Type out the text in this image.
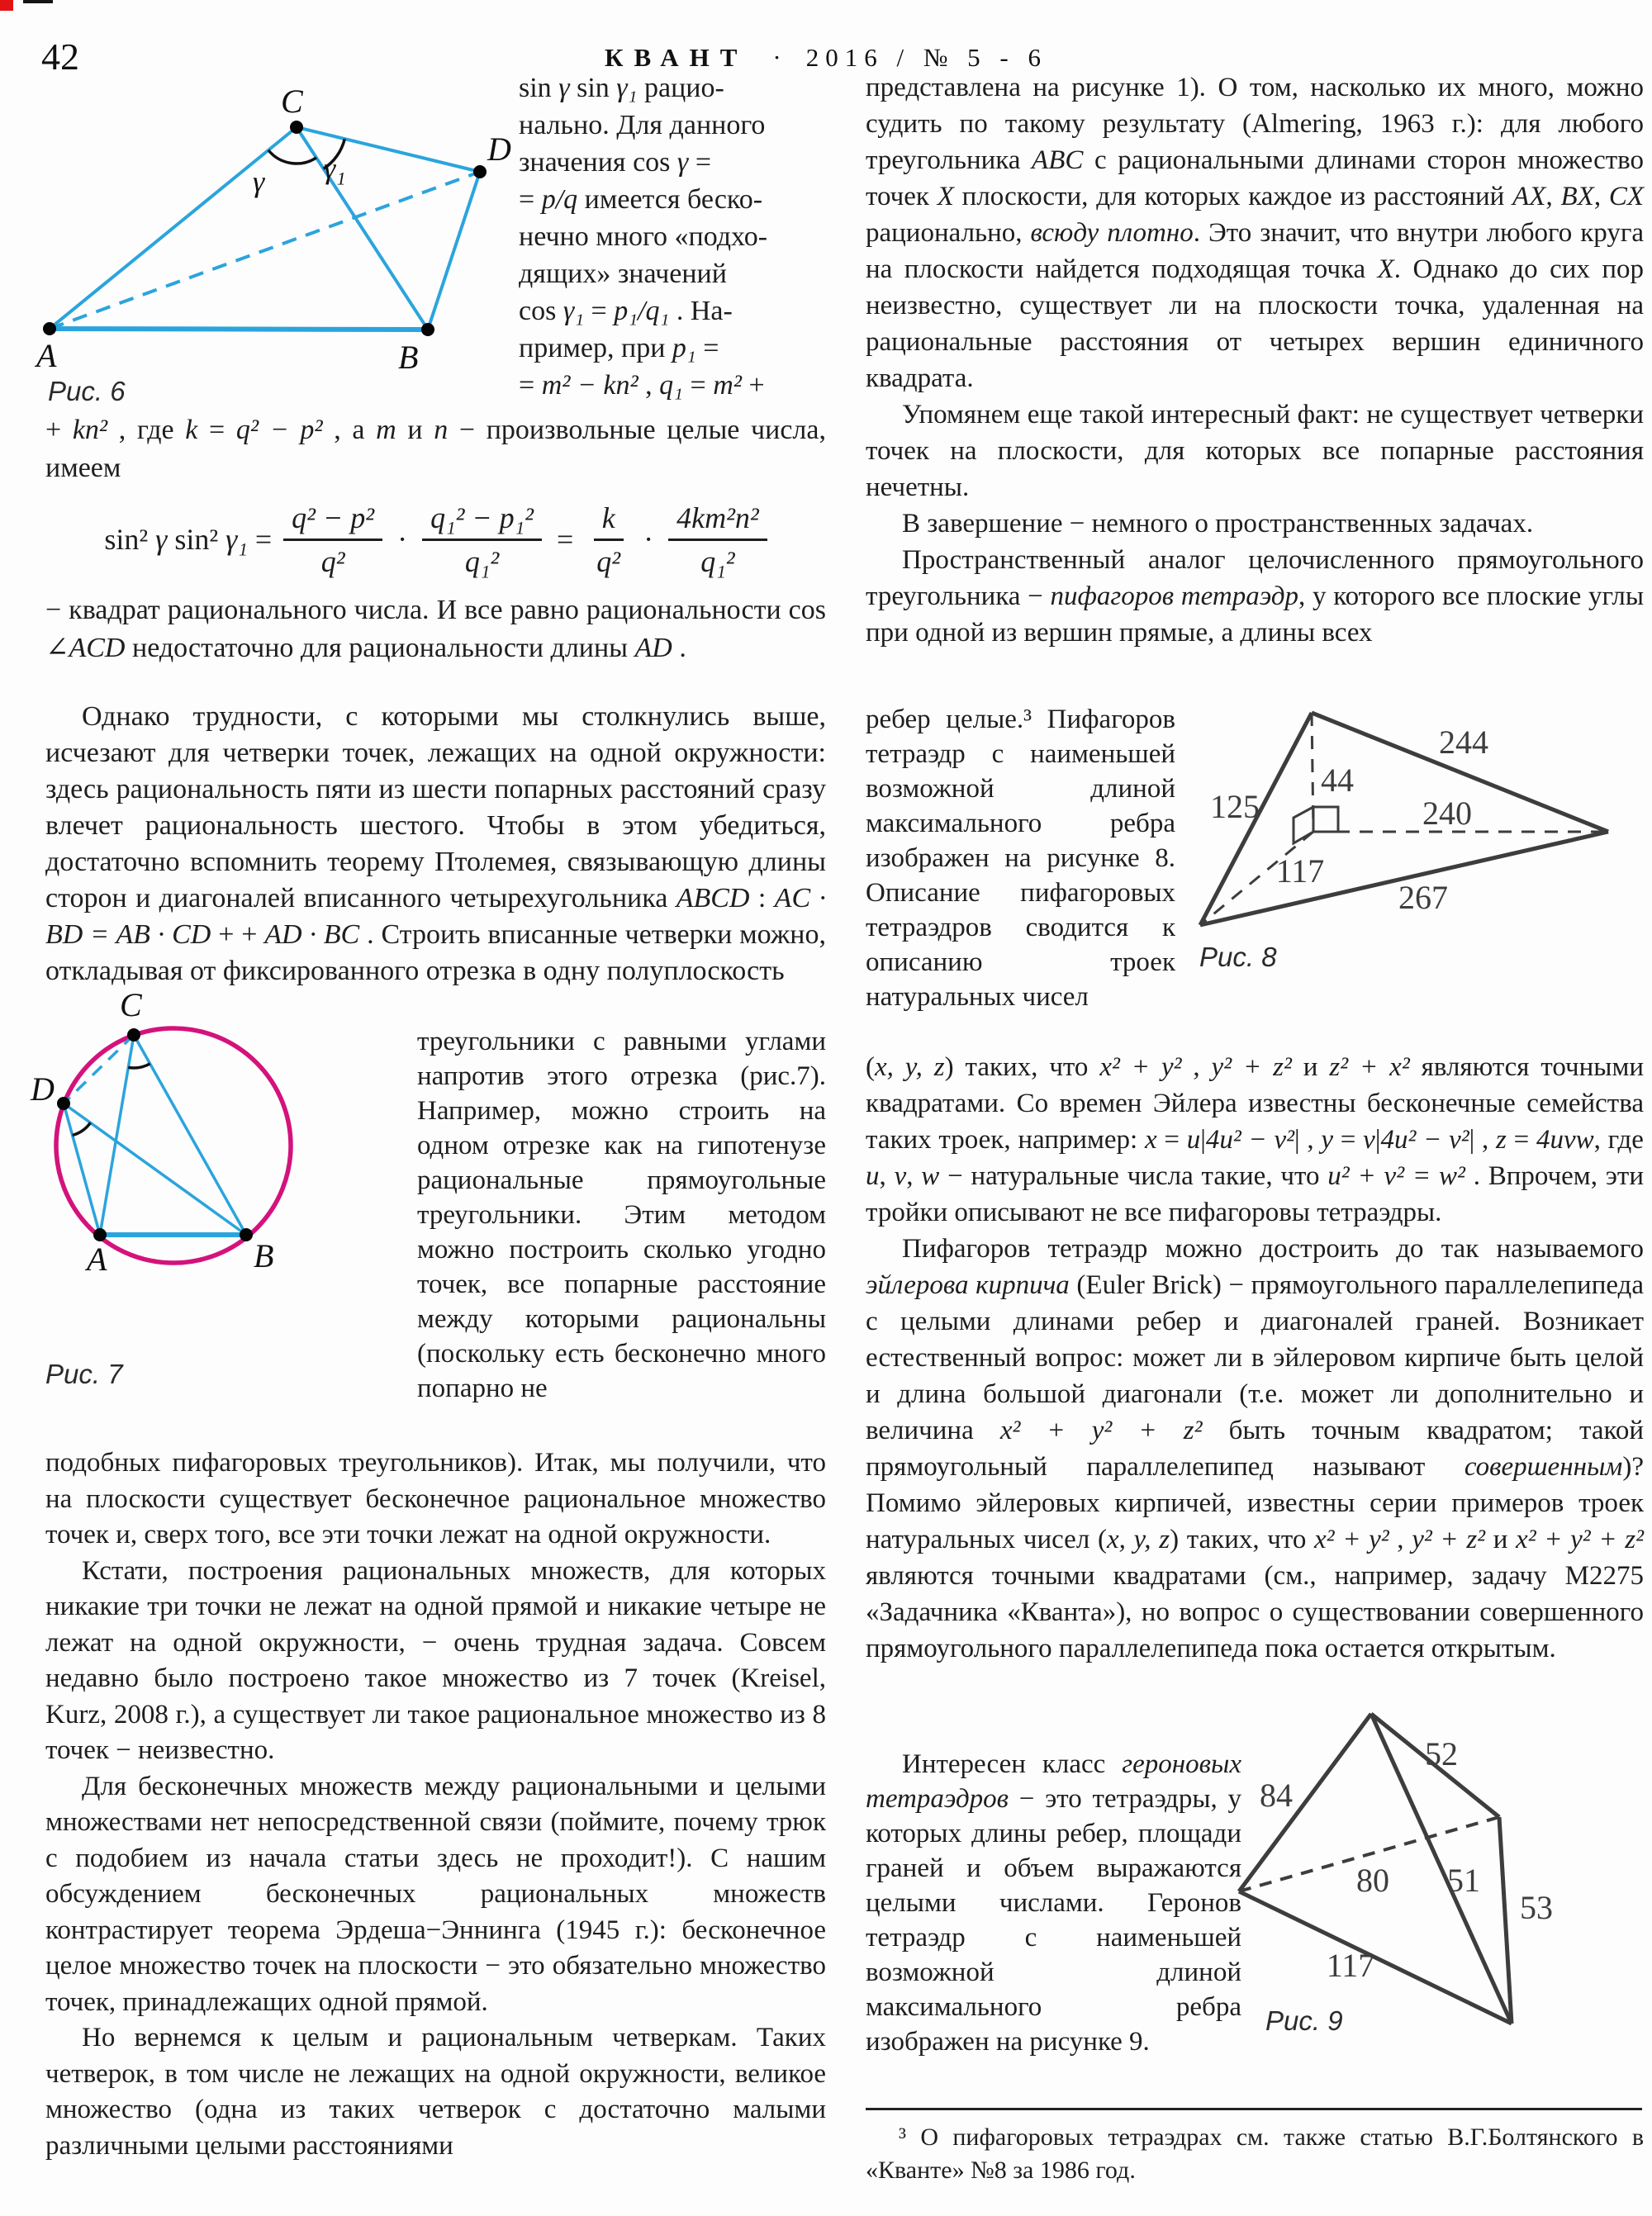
42	КВАНТ · 2016 / № 5 - 6
C
D
A	B
γ γ₁
Рис. 6
sin γ sin γ₁ рацио-
нально. Для данного
значения cos γ =
= p/q имеется беско-
нечно много «подхо-
дящих» значений
cos γ₁ = p₁/q₁ . На-
пример, при p₁ =
= m² − kn² , q₁ = m² +
+ kn² , где k = q² − p² , а m и n − произвольные целые числа, имеем
sin² γ sin² $\gamma_1 = \frac{\text{q² − p²}}{\text{q²}} \cdot \frac{\text{q₁² − p₁²}}{\text{q₁²}} = \frac{k}{\text{q²}} \cdot \frac{\text{4km²n²}}{\text{q₁²}}$
− квадрат рационального числа. И все равно рациональности cos ∠ACD недостаточно для рациональности длины AD .
Однако трудности, с которыми мы столкнулись выше, исчезают для четверки точек, лежащих на одной окружности: здесь рациональность пяти из шести попарных расстояний сразу влечет рациональность шестого. Чтобы в этом убедиться, достаточно вспомнить теорему Птолемея, связывающую длины сторон и диагоналей вписанного четырехугольника ABCD : AC · BD = AB · CD + + AD · BC . Строить вписанные четверки можно, откладывая от фиксированного отрезка в одну полуплоскость
C
D
A	B
Рис. 7
треугольники с равными углами напротив этого отрезка (рис.7). Например, можно строить на одном отрезке как на гипотенузе рациональные прямоугольные треугольники. Этим методом можно построить сколько угодно точек, все попарные расстояние между которыми рациональны (поскольку есть бесконечно много попарно не

подобных пифагоровых треугольников). Итак, мы получили, что на плоскости существует бесконечное рациональное множество точек и, сверх того, все эти точки лежат на одной окружности.

Кстати, построения рациональных множеств, для которых никакие три точки не лежат на одной прямой и никакие четыре не лежат на одной окружности, − очень трудная задача. Совсем недавно было построено такое множество из 7 точек (Kreisel, Kurz, 2008 г.), а существует ли такое рациональное множество из 8 точек − неизвестно.

Для бесконечных множеств между рациональными и целыми множествами нет непосредственной связи (поймите, почему трюк с подобием из начала статьи здесь не проходит!). С нашим обсуждением бесконечных рациональных множеств контрастирует теорема Эрдеша−Эннинга (1945 г.): бесконечное целое множество точек на плоскости − это обязательно множество точек, принадлежащих одной прямой.

Но вернемся к целым и рациональным четверкам. Таких четверок, в том числе не лежащих на одной окружности, великое множество (одна из таких четверок с достаточно малыми различными целыми расстояниями

представлена на рисунке 1). О том, насколько их много, можно судить по такому результату (Almering, 1963 г.): для любого треугольника ABC с рациональными длинами сторон множество точек X плоскости, для которых каждое из расстояний AX, BX, CX рационально, всюду плотно. Это значит, что внутри любого круга на плоскости найдется подходящая точка X. Однако до сих пор неизвестно, существует ли на плоскости точка, удаленная на рациональные расстояния от четырех вершин единичного квадрата.

Упомянем еще такой интересный факт: не существует четверки точек на плоскости, для которых все попарные расстояния нечетны.

В завершение − немного о пространственных задачах.

Пространственный аналог целочисленного прямоугольного треугольника − пифагоров тетраэдр, у которого все плоские углы при одной из вершин прямые, а длины всех

ребер целые.³ Пифагоров тетраэдр с наименьшей возможной длиной максимального ребра изображен на рисунке 8. Описание пифагоровых тетраэдров сводится к описанию троек натуральных чисел
244
44
125	240
117
267
Рис. 8

(x, y, z) таких, что x² + y² , y² + z² и z² + x² являются точными квадратами. Со времен Эйлера известны бесконечные семейства таких троек, например: x = u|4u² − v²| , y = v|4u² − v²| , z = 4uvw, где u, v, w − натуральные числа такие, что u² + v² = w² . Впрочем, эти тройки описывают не все пифагоровы тетраэдры.

Пифагоров тетраэдр можно достроить до так называемого эйлерова кирпича (Euler Brick) − прямоугольного параллелепипеда с целыми длинами ребер и диагоналей граней. Возникает естественный вопрос: может ли в эйлеровом кирпиче быть целой и длина большой диагонали (т.е. может ли дополнительно и величина x² + y² + z² быть точным квадратом; такой прямоугольный параллелепипед называют совершенным)? Помимо эйлеровых кирпичей, известны серии примеров троек натуральных чисел (x, y, z) таких, что x² + y² , y² + z² и x² + y² + z² являются точными квадратами (см., например, задачу М2275 «Задачника «Кванта»), но вопрос о существовании совершенного прямоугольного параллелепипеда пока остается открытым.

Интересен класс героновых тетраэдров − это тетраэдры, у которых длины ребер, площади граней и объем выражаются целыми числами. Геронов тетраэдр с наименьшей возможной длиной максимального ребра изображен на рисунке 9.
52
84
80 51
53
117
Рис. 9
³ О пифагоровых тетраэдрах см. также статью В.Г.Болтянского в «Кванте» №8 за 1986 год.
